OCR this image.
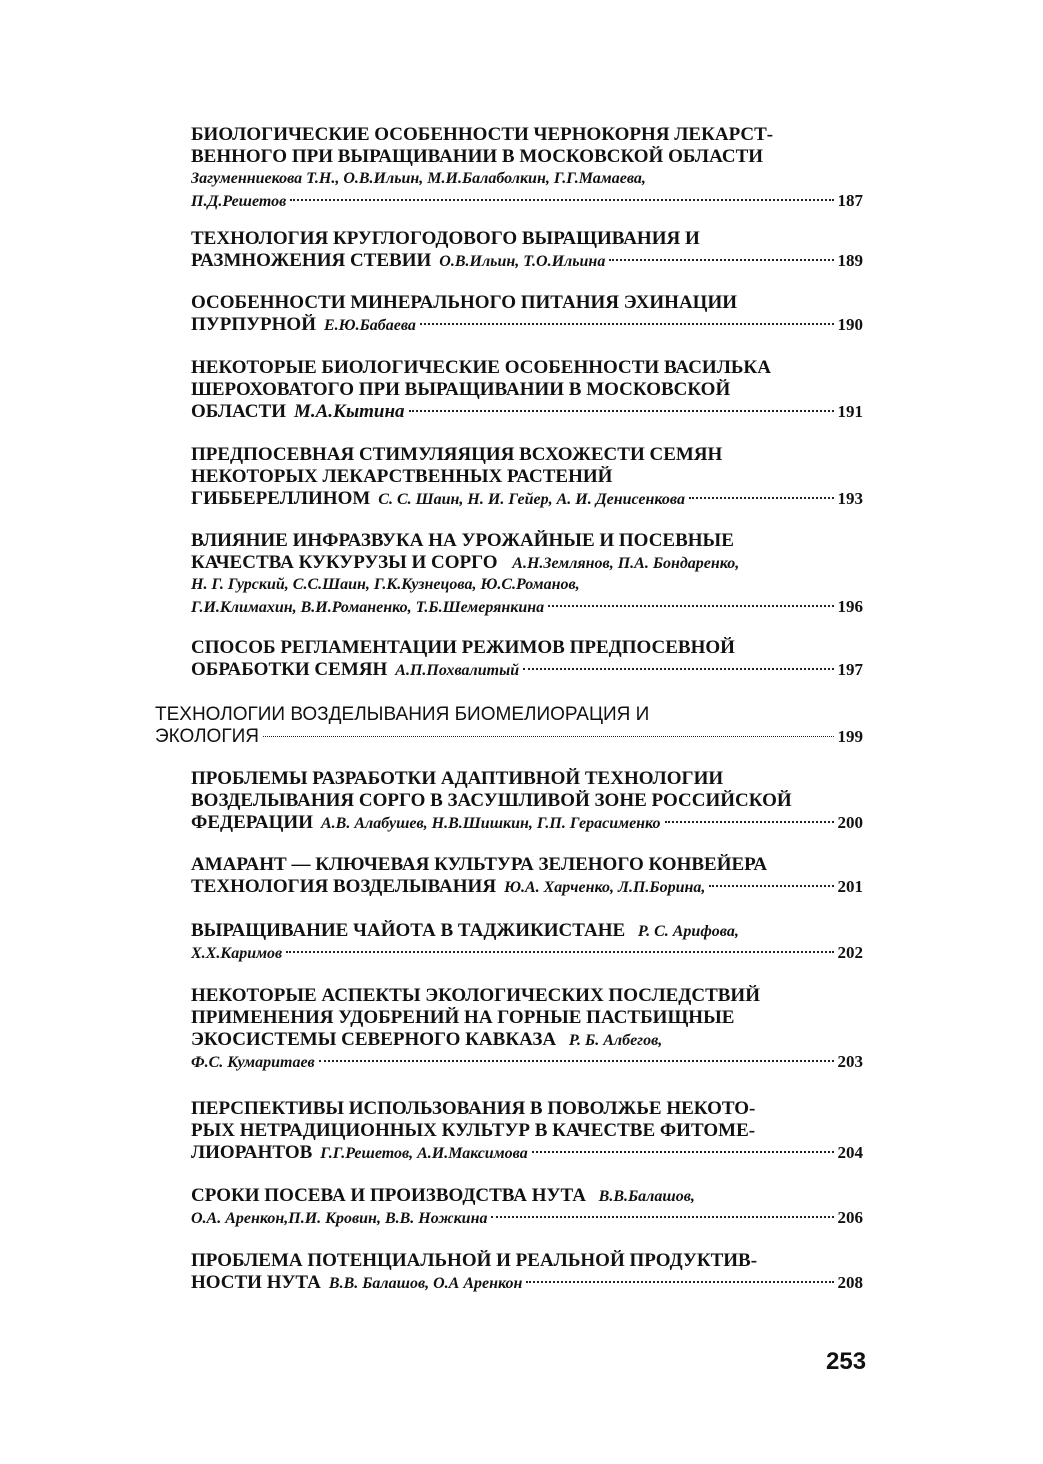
БИОЛОГИЧЕСКИЕ ОСОБЕННОСТИ ЧЕРНОКОРНЯ ЛЕКАРСТ-
ВЕННОГО ПРИ ВЫРАЩИВАНИИ В МОСКОВСКОЙ ОБЛАСТИ
Загуменниекова Т.Н., О.В.Ильин, М.И.Балаболкин, Г.Г.Мамаева,
П.Д.Решетов	187
ТЕХНОЛОГИЯ КРУГЛОГОДОВОГО ВЫРАЩИВАНИЯ И
РАЗМНОЖЕНИЯ СТЕВИИ О.В.Ильин, Т.О.Ильина	189
ОСОБЕННОСТИ МИНЕРАЛЬНОГО ПИТАНИЯ ЭХИНАЦИИ
ПУРПУРНОЙ Е.Ю.Бабаева	190
НЕКОТОРЫЕ БИОЛОГИЧЕСКИЕ ОСОБЕННОСТИ ВАСИЛЬКА
ШЕРОХОВАТОГО ПРИ ВЫРАЩИВАНИИ В МОСКОВСКОЙ
ОБЛАСТИ М.А.Кытина	191
ПРЕДПОСЕВНАЯ СТИМУЛЯЯЦИЯ ВСХОЖЕСТИ СЕМЯН
НЕКОТОРЫХ ЛЕКАРСТВЕННЫХ РАСТЕНИЙ
ГИББЕРЕЛЛИНОМ С. С. Шаин, Н. И. Гейер, А. И. Денисенкова	193
ВЛИЯНИЕ ИНФРАЗВУКА НА УРОЖАЙНЫЕ И ПОСЕВНЫЕ
КАЧЕСТВА КУКУРУЗЫ И СОРГО А.Н.Землянов, П.А. Бондаренко,
Н. Г. Гурский, С.С.Шаин, Г.К.Кузнецова, Ю.С.Романов,
Г.И.Климахин, В.И.Романенко, Т.Б.Шемерянкина	196
СПОСОБ РЕГЛАМЕНТАЦИИ РЕЖИМОВ ПРЕДПОСЕВНОЙ
ОБРАБОТКИ СЕМЯН А.П.Похвалитый	197
ТЕХНОЛОГИИ ВОЗДЕЛЫВАНИЯ БИОМЕЛИОРАЦИЯ И
ЭКОЛОГИЯ	199
ПРОБЛЕМЫ РАЗРАБОТКИ АДАПТИВНОЙ ТЕХНОЛОГИИ
ВОЗДЕЛЫВАНИЯ СОРГО В ЗАСУШЛИВОЙ ЗОНЕ РОССИЙСКОЙ
ФЕДЕРАЦИИ А.В. Алабушев, Н.В.Шишкин, Г.П. Герасименко	200
АМАРАНТ — КЛЮЧЕВАЯ КУЛЬТУРА ЗЕЛЕНОГО КОНВЕЙЕРА
ТЕХНОЛОГИЯ ВОЗДЕЛЫВАНИЯ Ю.А. Харченко, Л.П.Борина,	201
ВЫРАЩИВАНИЕ ЧАЙОТА В ТАДЖИКИСТАНЕ Р. С. Арифова,
Х.Х.Каримов	202
НЕКОТОРЫЕ АСПЕКТЫ ЭКОЛОГИЧЕСКИХ ПОСЛЕДСТВИЙ
ПРИМЕНЕНИЯ УДОБРЕНИЙ НА ГОРНЫЕ ПАСТБИЩНЫЕ
ЭКОСИСТЕМЫ СЕВЕРНОГО КАВКАЗА Р. Б. Албегов,
Ф.С. Кумаритаев	203
ПЕРСПЕКТИВЫ ИСПОЛЬЗОВАНИЯ В ПОВОЛЖЬЕ НЕКОТО-
РЫХ НЕТРАДИЦИОННЫХ КУЛЬТУР В КАЧЕСТВЕ ФИТОМЕ-
ЛИОРАНТОВ Г.Г.Решетов, А.И.Максимова	204
СРОКИ ПОСЕВА И ПРОИЗВОДСТВА НУТА В.В.Балашов,
О.А. Аренкон,П.И. Кровин, В.В. Ножкина	206
ПРОБЛЕМА ПОТЕНЦИАЛЬНОЙ И РЕАЛЬНОЙ ПРОДУКТИВ-
НОСТИ НУТА В.В. Балашов, О.А Аренкон	208
253
